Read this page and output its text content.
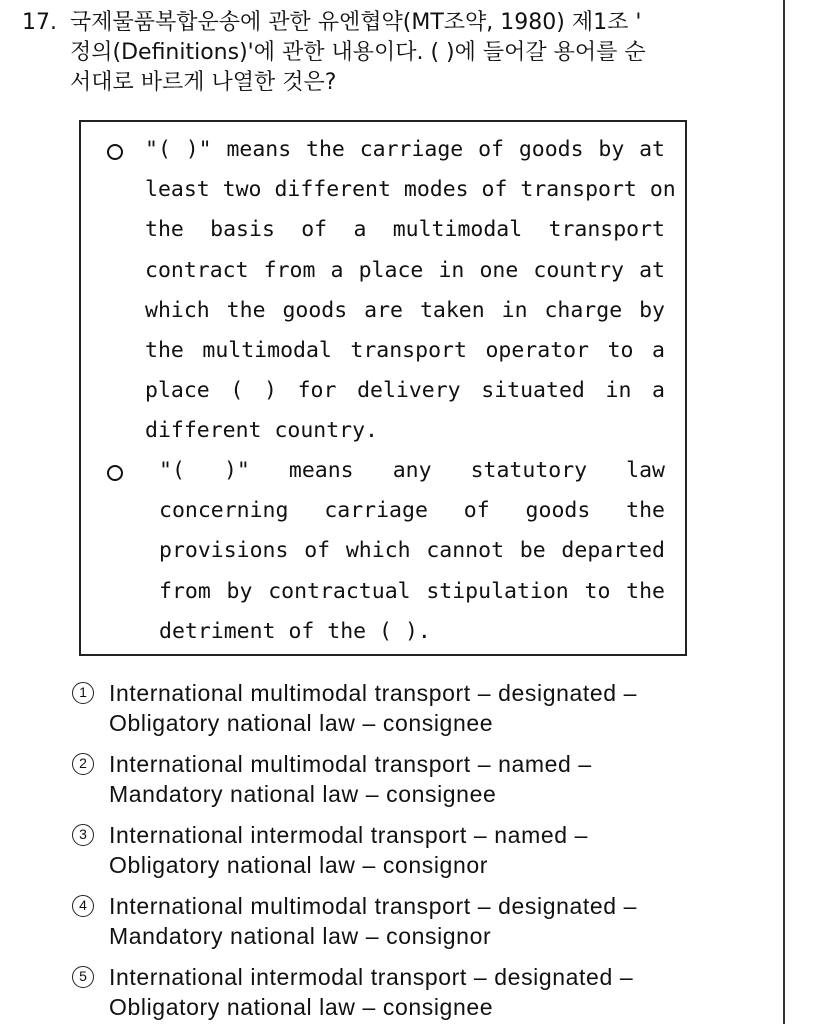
17. 국제물품복합운송에 관한 유엔협약(MT조약, 1980) 제1조 '
정의(Definitions)'에 관한 내용이다. ( )에 들어갈 용어를 순
서대로 바르게 나열한 것은?
"( )" means the carriage of goods by at
least two different modes of transport on
the basis of a multimodal transport
contract from a place in one country at
which the goods are taken in charge by
the multimodal transport operator to a
place ( ) for delivery situated in a
different country.
"( )" means any statutory law
concerning carriage of goods the
provisions of which cannot be departed
from by contractual stipulation to the
detriment of the ( ).
1 International multimodal transport – designated –
Obligatory national law – consignee
2 International multimodal transport – named –
Mandatory national law – consignee
3 International intermodal transport – named –
Obligatory national law – consignor
4 International multimodal transport – designated –
Mandatory national law – consignor
5 International intermodal transport – designated –
Obligatory national law – consignee
